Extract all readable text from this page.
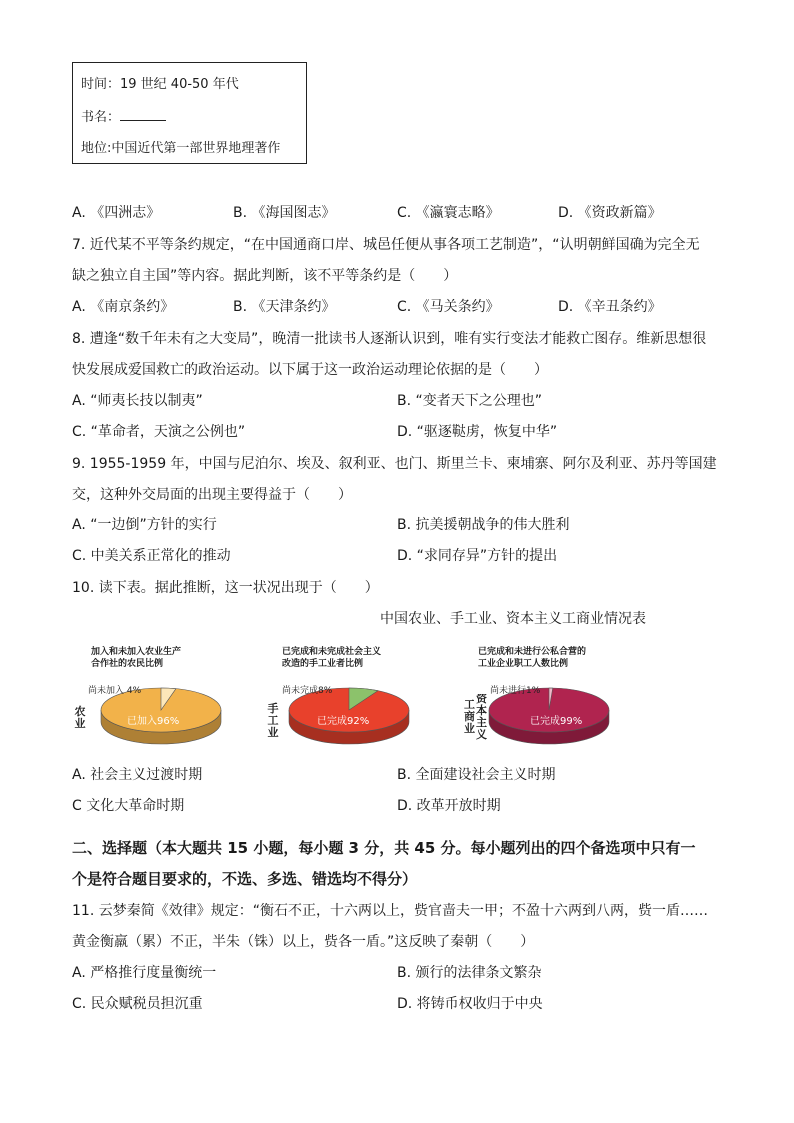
时间：19 世纪 40-50 年代
书名：
地位:中国近代第一部世界地理著作
A. 《四洲志》	B. 《海国图志》	C. 《瀛寰志略》	D. 《资政新篇》
7. 近代某不平等条约规定，“在中国通商口岸、城邑任便从事各项工艺制造”，“认明朝鲜国确为完全无
缺之独立自主国”等内容。据此判断，该不平等条约是（　　）
A. 《南京条约》	B. 《天津条约》	C. 《马关条约》	D. 《辛丑条约》
8. 遭逢“数千年未有之大变局”，晚清一批读书人逐渐认识到，唯有实行变法才能救亡图存。维新思想很
快发展成爱国救亡的政治运动。以下属于这一政治运动理论依据的是（　　）
A. “师夷长技以制夷”	B. “变者天下之公理也”
C. “革命者，天演之公例也”	D. “驱逐鞑虏，恢复中华”
9. 1955-1959 年，中国与尼泊尔、埃及、叙利亚、也门、斯里兰卡、柬埔寨、阿尔及利亚、苏丹等国建
交，这种外交局面的出现主要得益于（　　）
A. “一边倒”方针的实行	B. 抗美援朝战争的伟大胜利
C. 中美关系正常化的推动	D. “求同存异”方针的提出
10. 读下表。据此推断，这一状况出现于（　　）
中国农业、手工业、资本主义工商业情况表
加入和未加入农业生产
合作社的农民比例
农业
尚未加入 4%
已加入96%
已完成和未完成社会主义
改造的手工业者比例
手工业
尚未完成8%
已完成92%
已完成和未进行公私合营的
工业企业职工人数比例
工
商
业
资
本
主
义
尚未进行1%
已完成99%
A. 社会主义过渡时期	B. 全面建设社会主义时期
C 文化大革命时期	D. 改革开放时期
二、选择题（本大题共 15 小题，每小题 3 分，共 45 分。每小题列出的四个备选项中只有一
个是符合题目要求的，不选、多选、错选均不得分）
11. 云梦秦简《效律》规定：“衡石不正，十六两以上，赀官啬夫一甲；不盈十六两到八两，赀一盾……
黄金衡羸（累）不正，半朱（铢）以上，赀各一盾。”这反映了秦朝（　　）
A. 严格推行度量衡统一	B. 颁行的法律条文繁杂
C. 民众赋税员担沉重	D. 将铸币权收归于中央
